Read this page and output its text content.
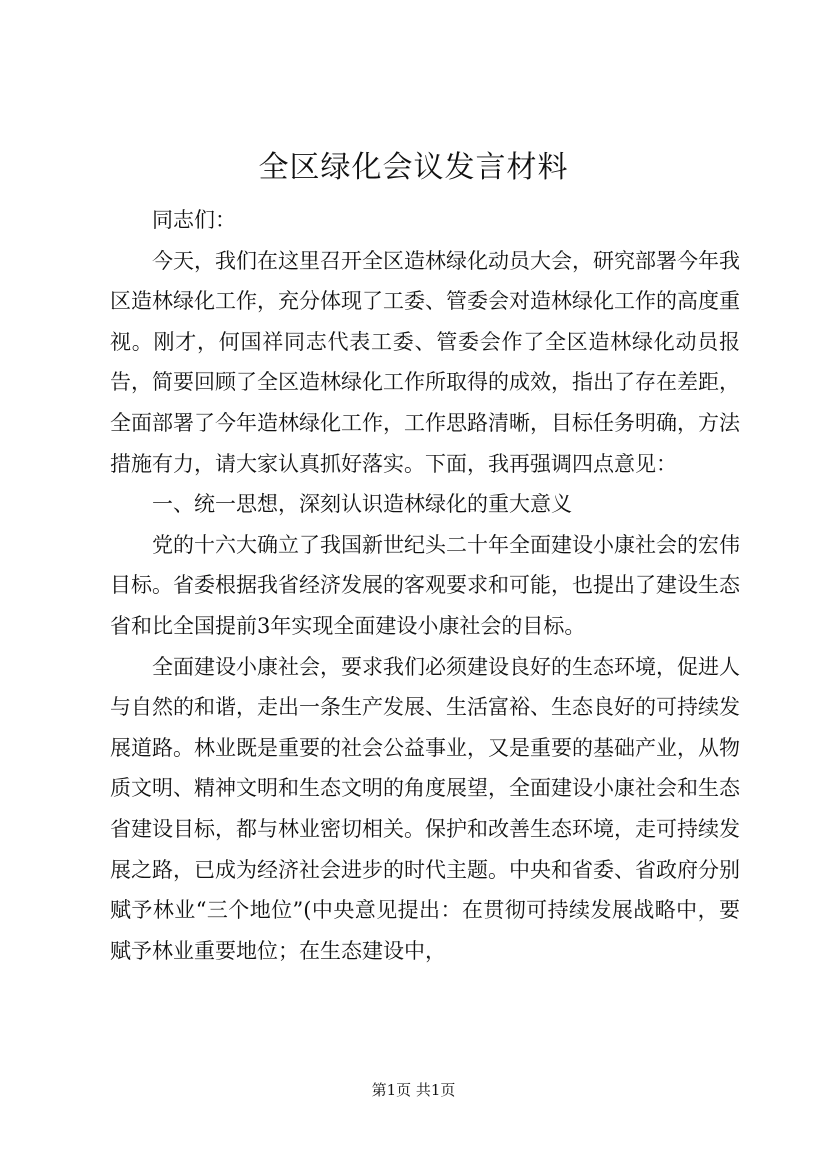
全区绿化会议发言材料

同志们：

今天，我们在这里召开全区造林绿化动员大会，研究部署今年我区造林绿化工作，充分体现了工委、管委会对造林绿化工作的高度重视。刚才，何国祥同志代表工委、管委会作了全区造林绿化动员报告，简要回顾了全区造林绿化工作所取得的成效，指出了存在差距，全面部署了今年造林绿化工作，工作思路清晰，目标任务明确，方法措施有力，请大家认真抓好落实。下面，我再强调四点意见：

一、统一思想，深刻认识造林绿化的重大意义

党的十六大确立了我国新世纪头二十年全面建设小康社会的宏伟目标。省委根据我省经济发展的客观要求和可能，也提出了建设生态省和比全国提前3年实现全面建设小康社会的目标。

全面建设小康社会，要求我们必须建设良好的生态环境，促进人与自然的和谐，走出一条生产发展、生活富裕、生态良好的可持续发展道路。林业既是重要的社会公益事业，又是重要的基础产业，从物质文明、精神文明和生态文明的角度展望，全面建设小康社会和生态省建设目标，都与林业密切相关。保护和改善生态环境，走可持续发展之路，已成为经济社会进步的时代主题。中央和省委、省政府分别赋予林业“三个地位”(中央意见提出：在贯彻可持续发展战略中，要赋予林业重要地位；在生态建设中，

第1页 共1页
